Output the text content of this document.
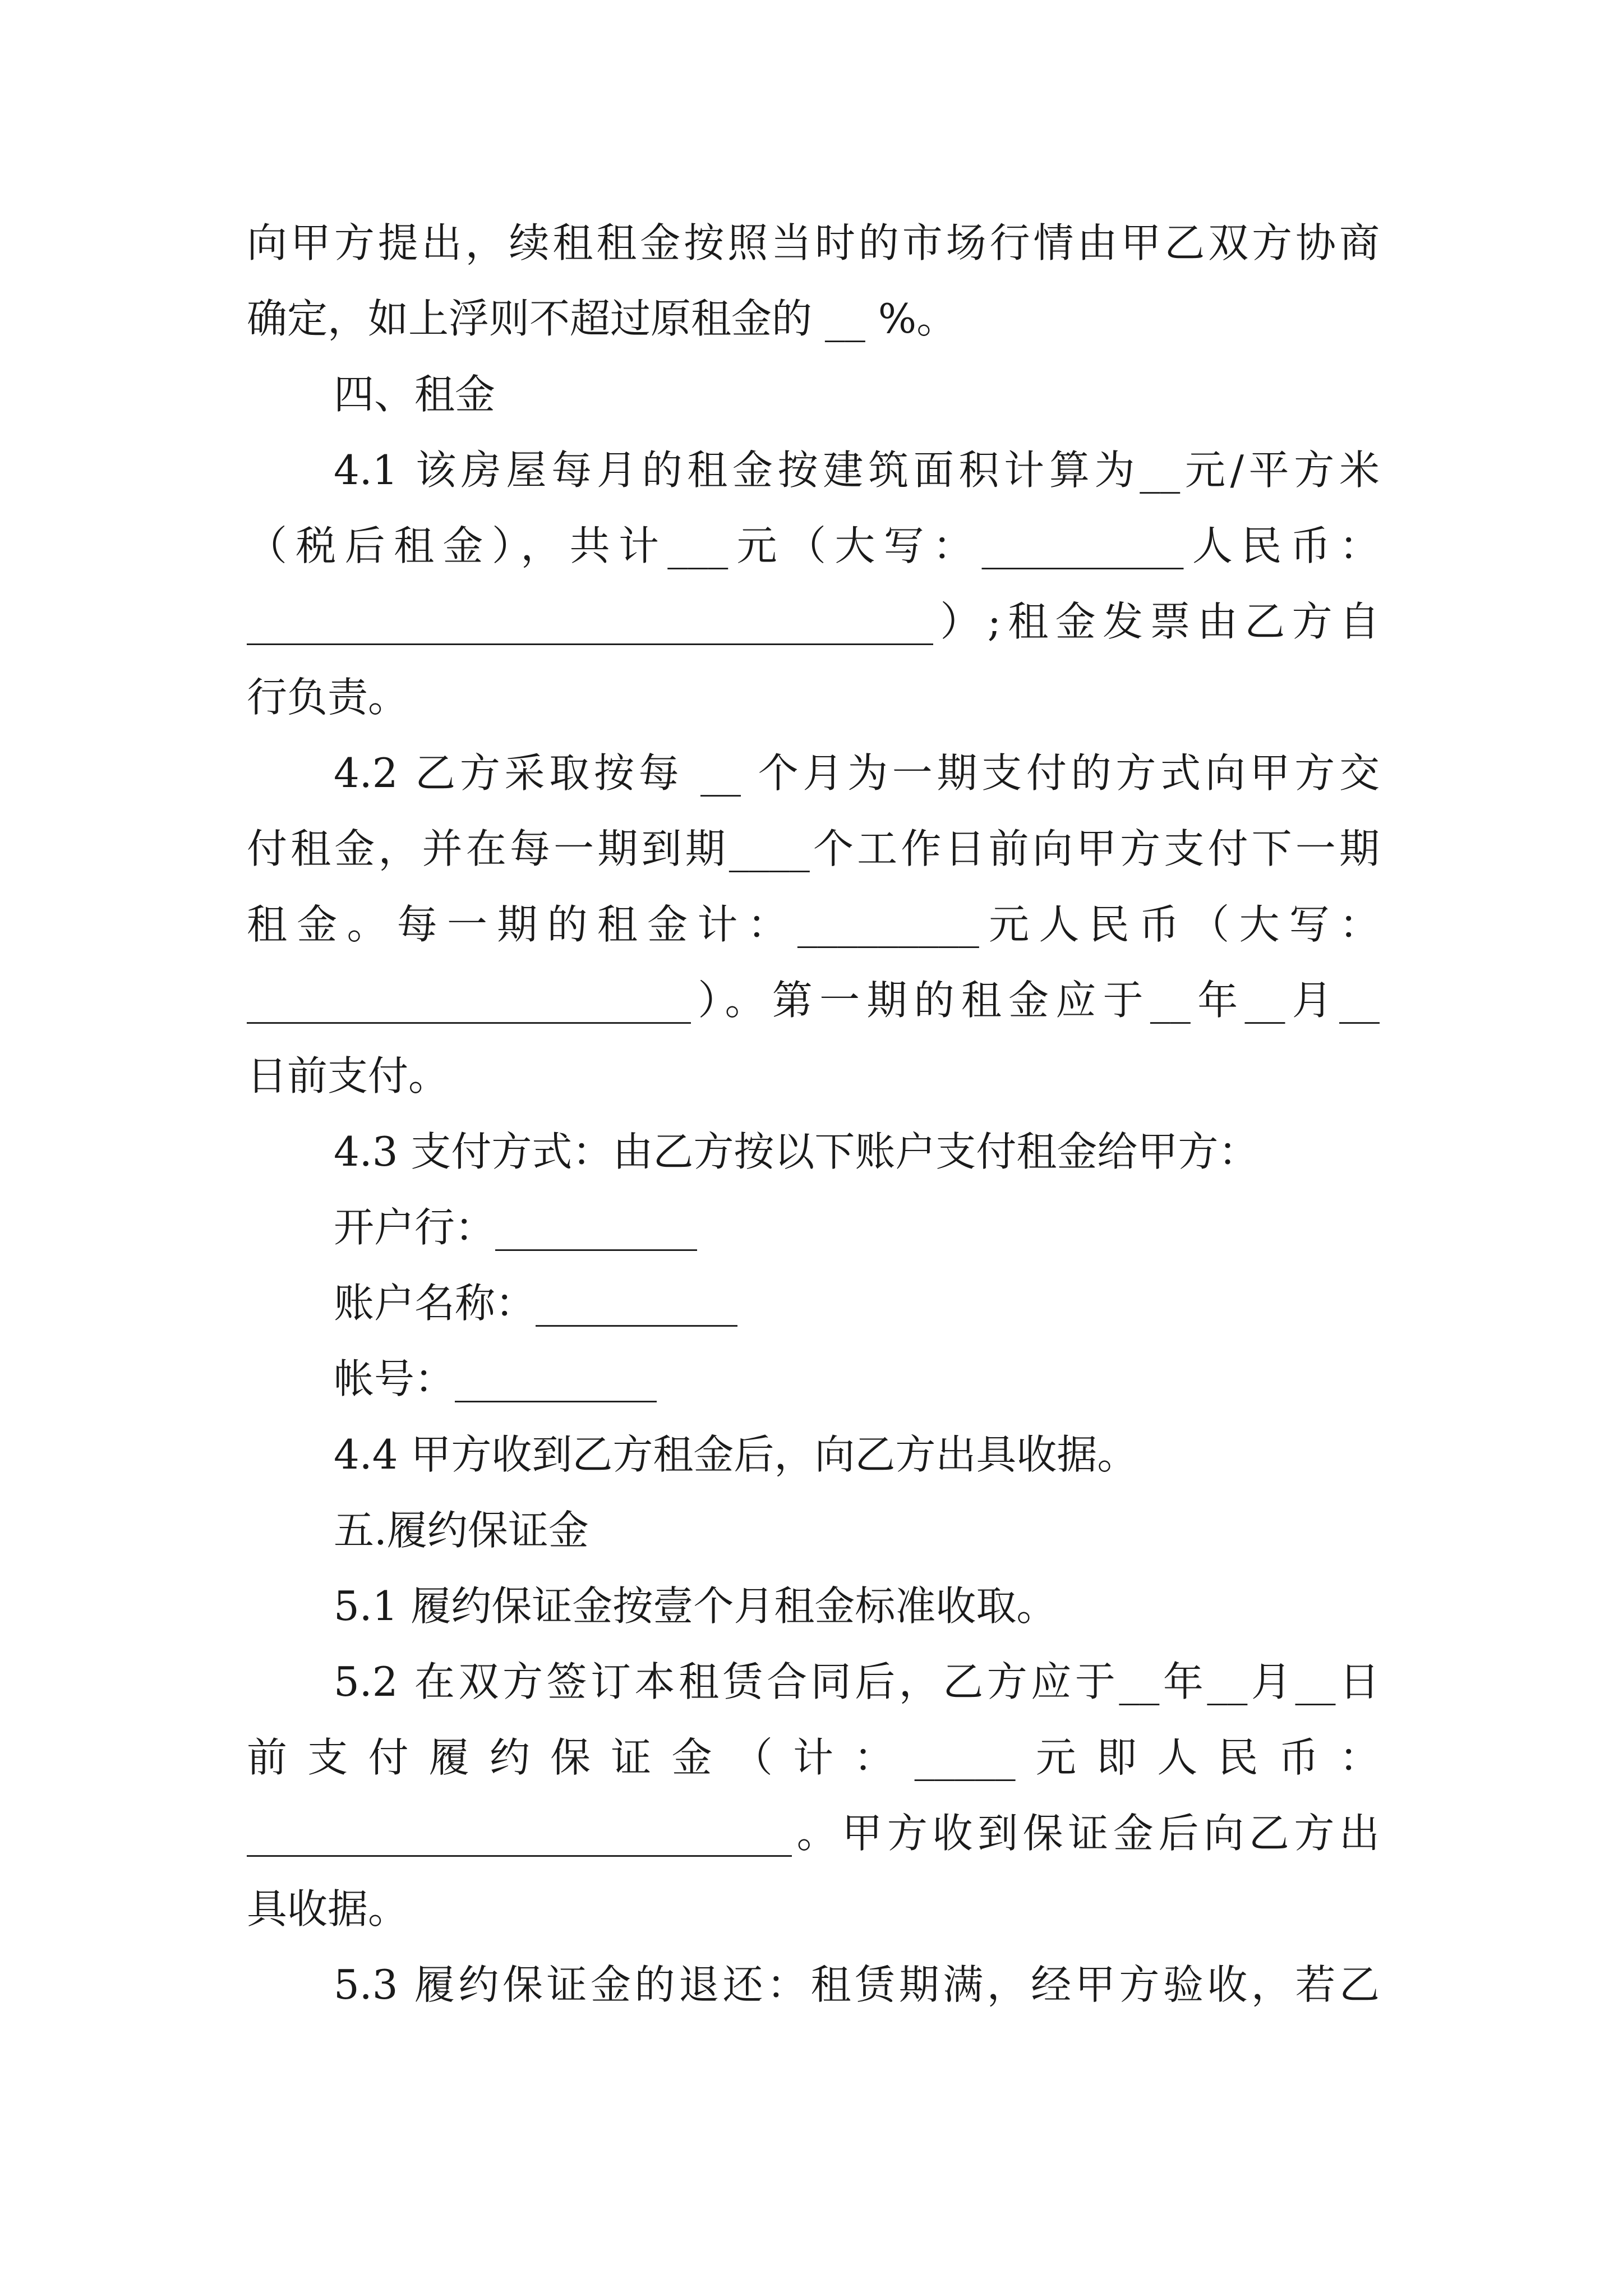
向甲方提出，续租租金按照当时的市场行情由甲乙双方协商
确定，如上浮则不超过原租金的 __ %。
四、租金
4.1 该房屋每月的租金按建筑面积计算为__元/平方米
（税后租金），共计___元（大写：__________人民币：
__________________________________）;租金发票由乙方自
行负责。
4.2 乙方采取按每 __ 个月为一期支付的方式向甲方交
付租金，并在每一期到期____个工作日前向甲方支付下一期
租金。每一期的租金计：_________元人民币（大写：
______________________）。第一期的租金应于__年__月__
日前支付。
4.3 支付方式：由乙方按以下账户支付租金给甲方：
开户行：__________
账户名称：__________
帐号：__________
4.4 甲方收到乙方租金后，向乙方出具收据。
五.履约保证金
5.1 履约保证金按壹个月租金标准收取。
5.2 在双方签订本租赁合同后，乙方应于__年__月__日
前支付履约保证金（计：_____元即人民币：
___________________________。甲方收到保证金后向乙方出
具收据。
5.3 履约保证金的退还：租赁期满，经甲方验收，若乙
